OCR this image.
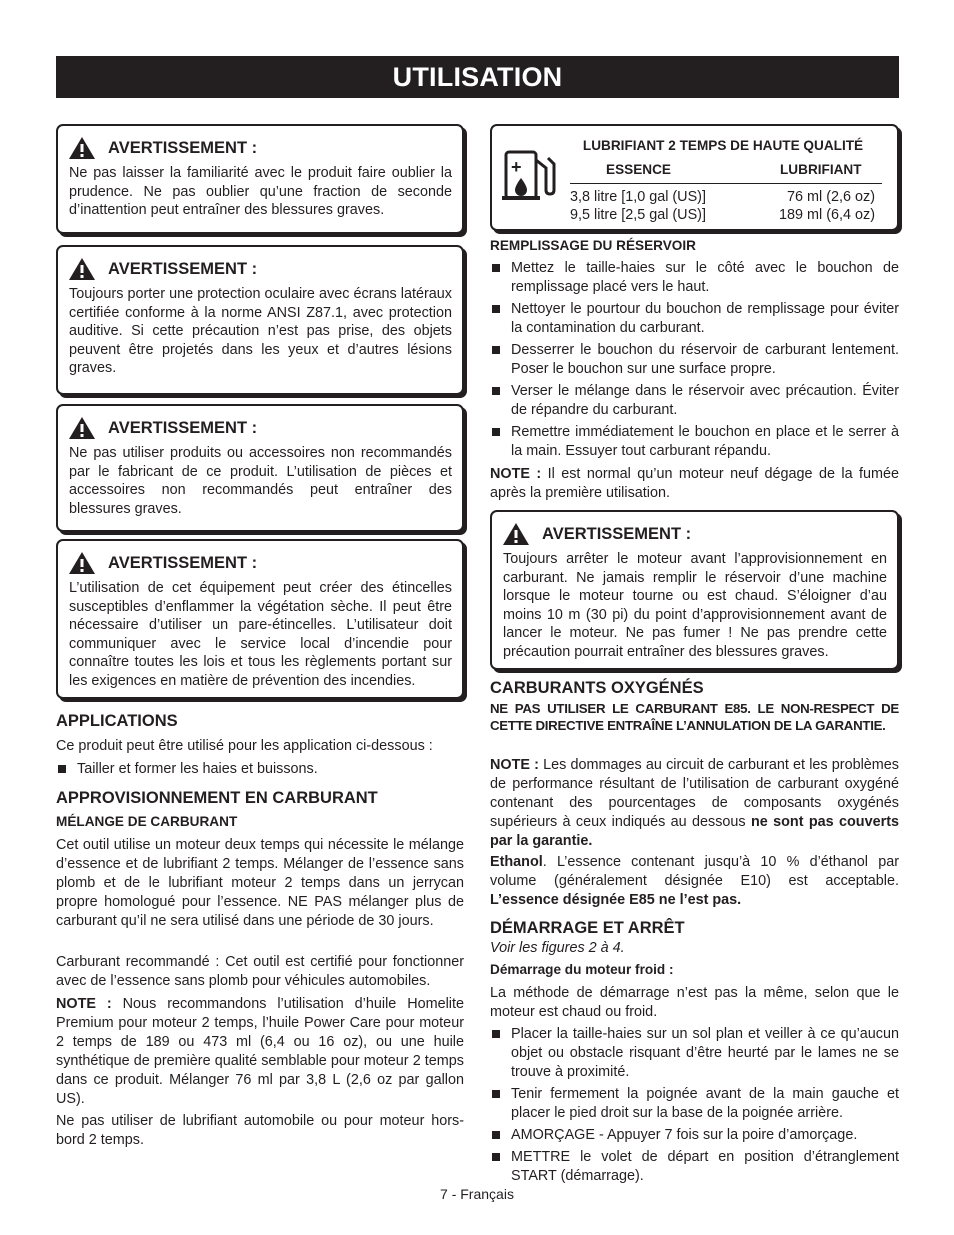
UTILISATION
AVERTISSEMENT :

Ne pas laisser la familiarité avec le produit faire oublier la prudence. Ne pas oublier qu’une fraction de seconde d’inattention peut entraîner des blessures graves.

AVERTISSEMENT :

Toujours porter une protection oculaire avec écrans latéraux certifiée conforme à la norme ANSI Z87.1, avec protection auditive. Si cette précaution n’est pas prise, des objets peuvent être projetés dans les yeux et d’autres lésions graves.

AVERTISSEMENT :

Ne pas utiliser produits ou accessoires non recommandés par le fabricant de ce produit. L’utilisation de pièces et accessoires non recommandés peut entraîner des blessures graves.

AVERTISSEMENT :

L’utilisation de cet équipement peut créer des étincelles susceptibles d’enflammer la végétation sèche. Il peut être nécessaire d’utiliser un pare-étincelles. L’utilisateur doit communiquer avec le service local d’incendie pour connaître toutes les lois et tous les règlements portant sur les exigences en matière de prévention des incendies.

APPLICATIONS

Ce produit peut être utilisé pour les application ci-dessous :

Tailler et former les haies et buissons.
APPROVISIONNEMENT EN CARBURANT
MÉLANGE DE CARBURANT

Cet outil utilise un moteur deux temps qui nécessite le mélange d’essence et de lubrifiant 2 temps. Mélanger de l’essence sans plomb et de le lubrifiant moteur 2 temps dans un jerrycan propre homologué pour l’essence. NE PAS mélanger plus de carburant qu’il ne sera utilisé dans une période de 30 jours.

Carburant recommandé : Cet outil est certifié pour fonctionner avec de l’essence sans plomb pour véhicules automobiles.

NOTE : Nous recommandons l’utilisation d’huile Homelite Premium pour moteur 2 temps, l’huile Power Care pour moteur 2 temps de 189 ou 473 ml (6,4 ou 16 oz), ou une huile synthétique de première qualité semblable pour moteur 2 temps dans ce produit. Mélanger 76 ml par 3,8 L (2,6 oz par gallon US).

Ne pas utiliser de lubrifiant automobile ou pour moteur hors-bord 2 temps.

+
LUBRIFIANT 2 TEMPS DE HAUTE QUALITÉ
ESSENCE	LUBRIFIANT
3,8 litre [1,0 gal (US)]	76 ml (2,6 oz)
9,5 litre [2,5 gal (US)]	189 ml (6,4 oz)
REMPLISSAGE DU RÉSERVOIR
Mettez le taille-haies sur le côté avec le bouchon de remplissage placé vers le haut.
Nettoyer le pourtour du bouchon de remplissage pour éviter la contamination du carburant.
Desserrer le bouchon du réservoir de carburant lentement. Poser le bouchon sur une surface propre.
Verser le mélange dans le réservoir avec précaution. Éviter de répandre du carburant.
Remettre immédiatement le bouchon en place et le serrer à la main. Essuyer tout carburant répandu.

NOTE : Il est normal qu’un moteur neuf dégage de la fumée après la première utilisation.

AVERTISSEMENT :

Toujours arrêter le moteur avant l’approvisionnement en carburant. Ne jamais remplir le réservoir d’une machine lorsque le moteur tourne ou est chaud. S’éloigner d’au moins 10 m (30 pi) du point d’approvisionnement avant de lancer le moteur. Ne pas fumer ! Ne pas prendre cette précaution pourrait entraîner des blessures graves.

CARBURANTS OXYGÉNÉS

NE PAS UTILISER LE CARBURANT E85. LE NON-RESPECT DE CETTE DIRECTIVE ENTRAÎNE L’ANNULATION DE LA GARANTIE.

NOTE : Les dommages au circuit de carburant et les problèmes de performance résultant de l’utilisation de carburant oxygéné contenant des pourcentages de composants oxygénés supérieurs à ceux indiqués au dessous ne sont pas couverts par la garantie.

Ethanol. L’essence contenant jusqu’à 10 % d’éthanol par volume (généralement désignée E10) est acceptable. L’essence désignée E85 ne l’est pas.

DÉMARRAGE ET ARRÊT

Voir les figures 2 à 4.

Démarrage du moteur froid :

La méthode de démarrage n’est pas la même, selon que le moteur est chaud ou froid.

Placer la taille-haies sur un sol plan et veiller à ce qu’aucun objet ou obstacle risquant d’être heurté par le lames ne se trouve à proximité.
Tenir fermement la poignée avant de la main gauche et placer le pied droit sur la base de la poignée arrière.
AMORÇAGE - Appuyer 7 fois sur la poire d’amorçage.
METTRE le volet de départ en position d’étranglement START (démarrage).
7 - Français
